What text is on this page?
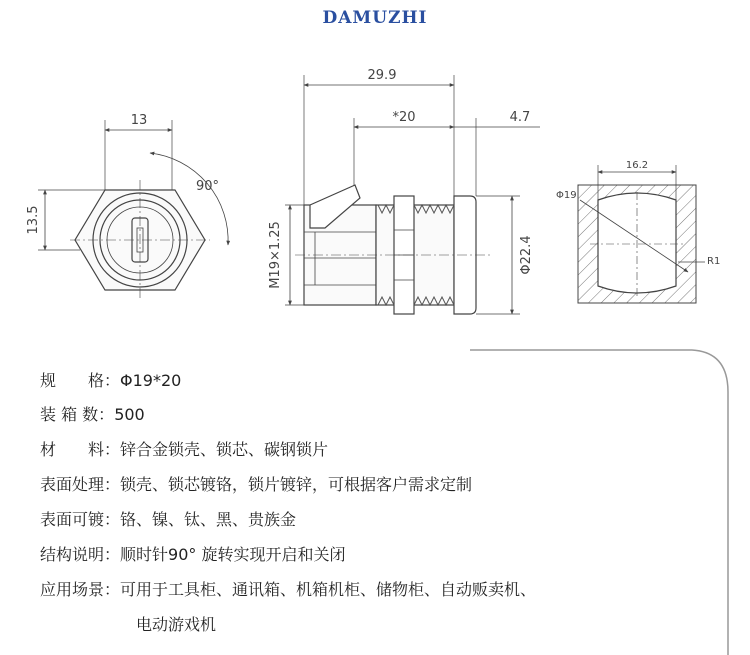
DAMUZHI
13
13.5
90°
29.9
*20	4.7
M19×1.25	Φ22.4
16.2
Φ19
R1
规　　格：Φ19*20
装 箱 数：500
材　　料：锌合金锁壳、锁芯、碳钢锁片
表面处理：锁壳、锁芯镀铬，锁片镀锌，可根据客户需求定制
表面可镀：铬、镍、钛、黑、贵族金
结构说明：顺时针90° 旋转实现开启和关闭
应用场景：可用于工具柜、通讯箱、机箱机柜、储物柜、自动贩卖机、
电动游戏机
